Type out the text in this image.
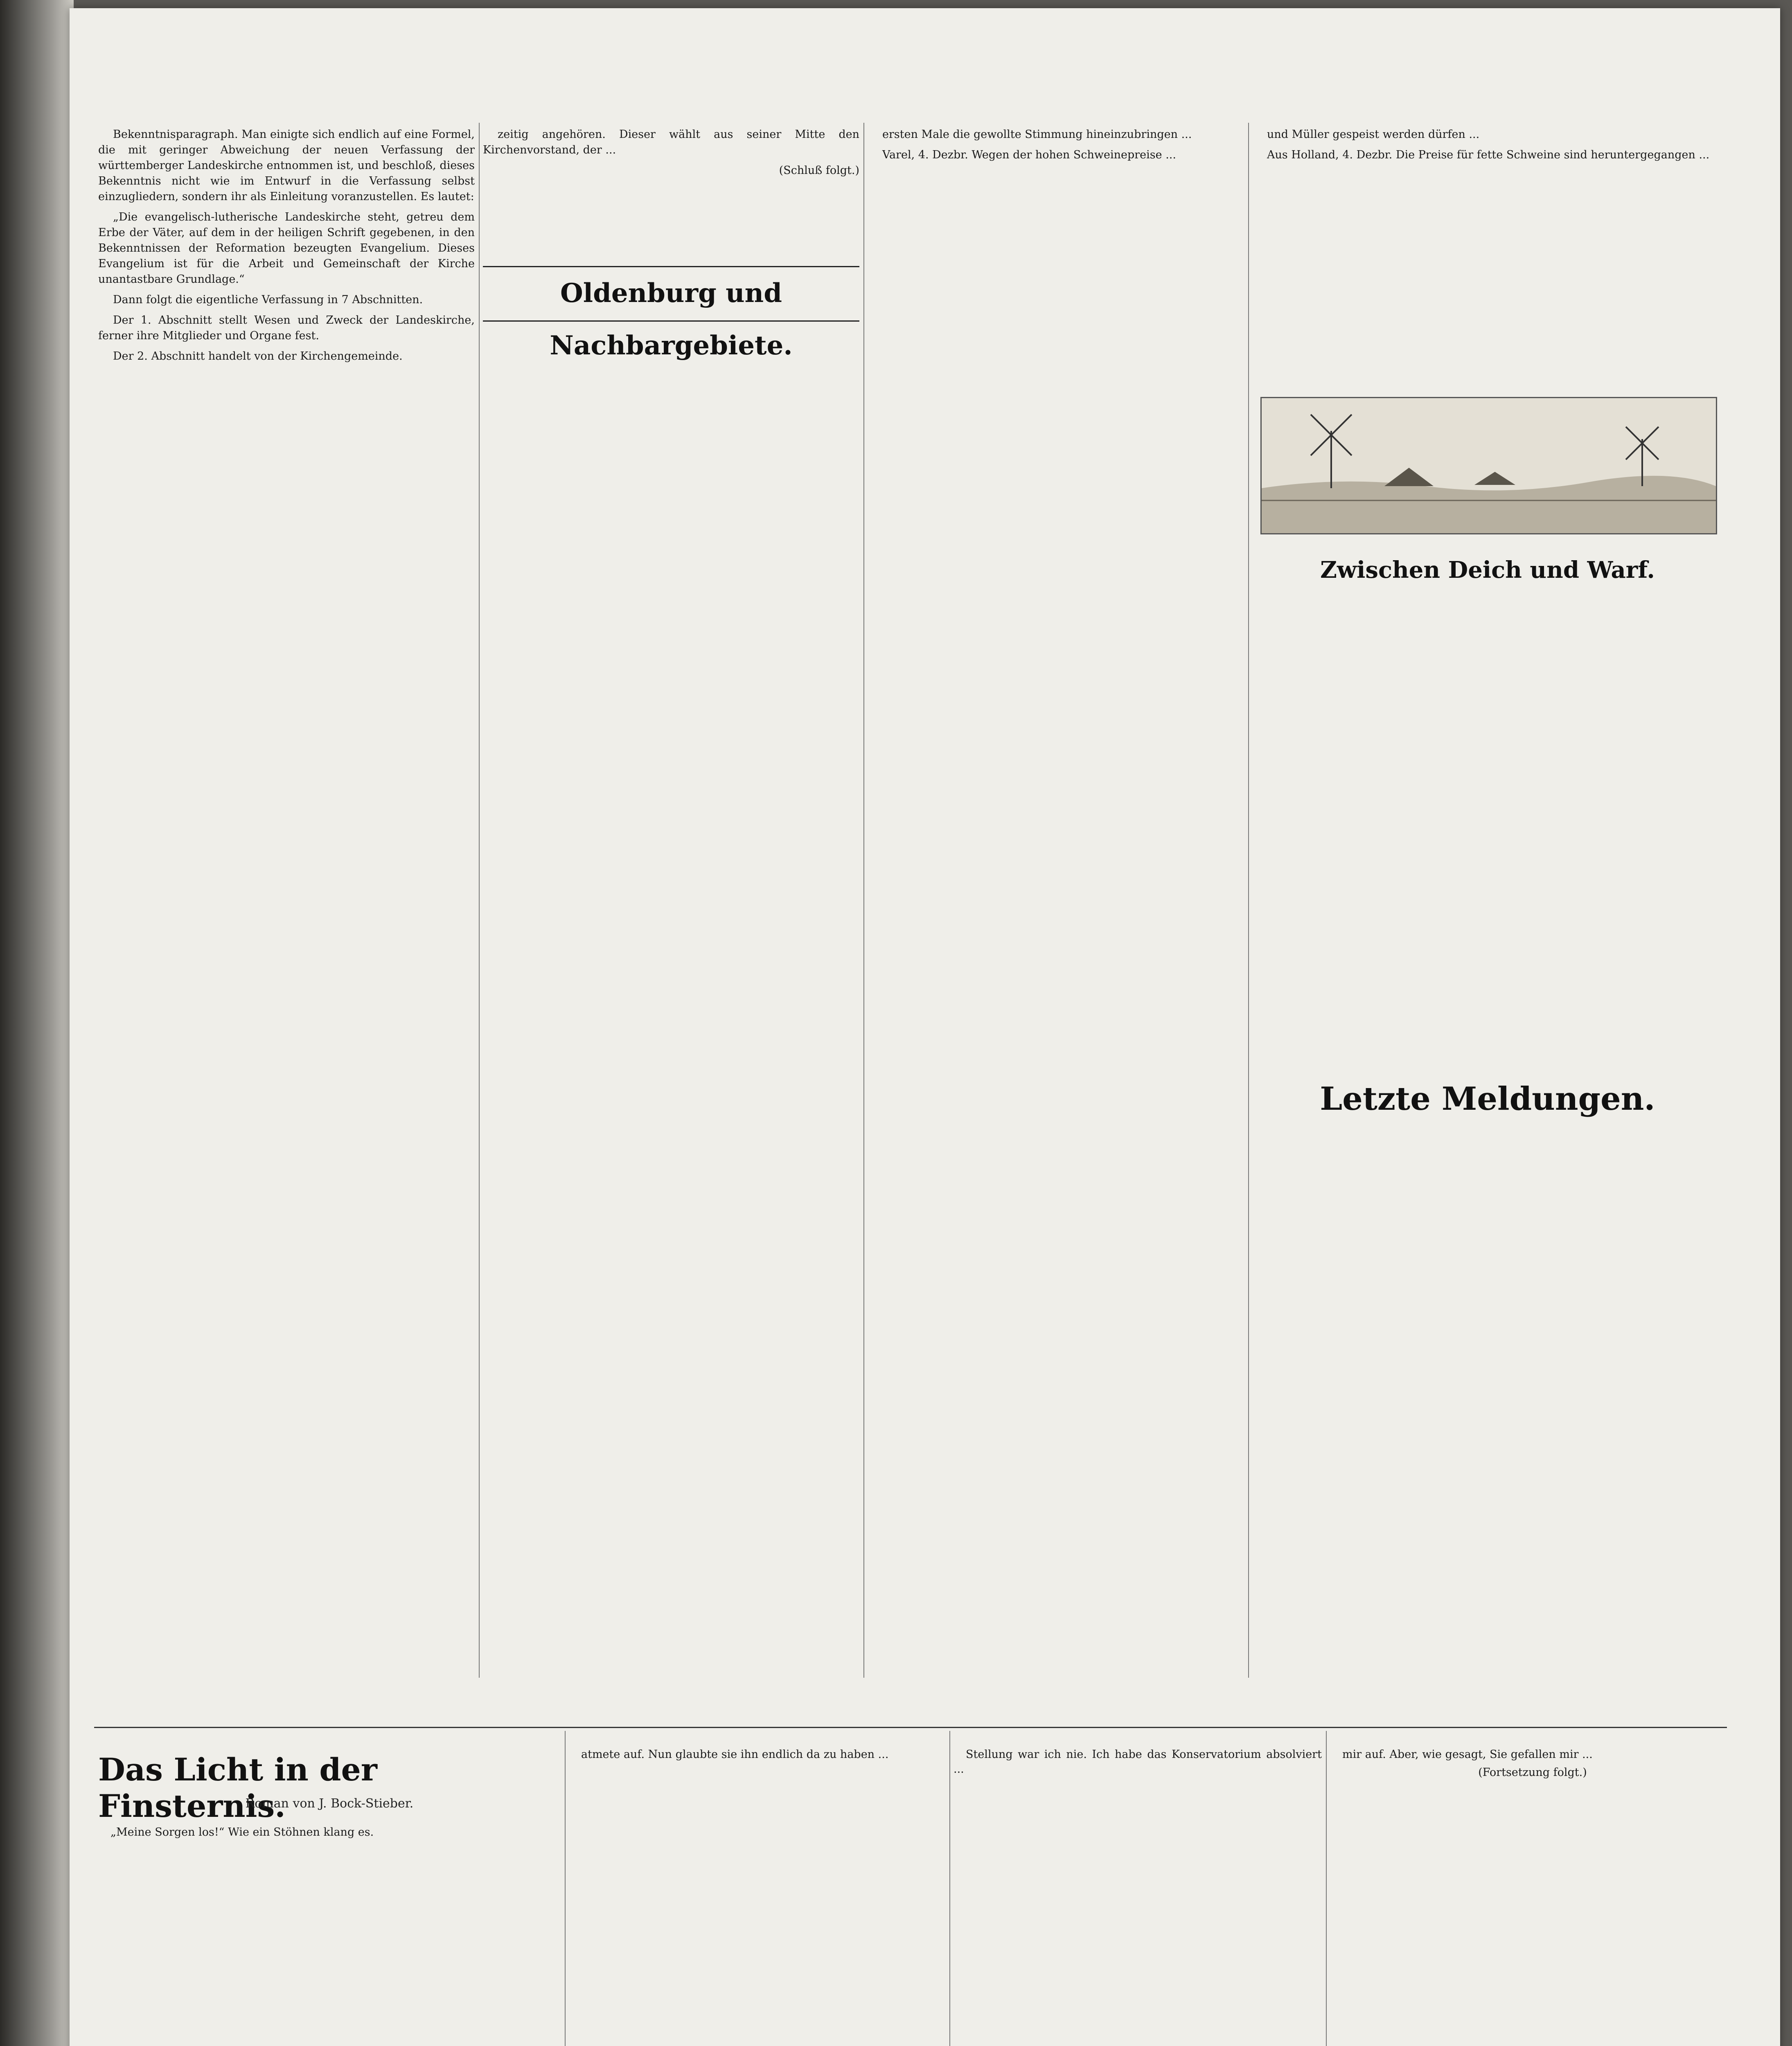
Bekenntnisparagraph. Man einigte sich endlich auf eine Formel, die mit geringer Abweichung der neuen Verfassung der württemberger Landeskirche entnommen ist, und beschloß, dieses Bekenntnis nicht wie im Entwurf in die Verfassung selbst einzugliedern, sondern ihr als Einleitung voranzustellen. Es lautet:

„Die evangelisch-lutherische Landeskirche steht, getreu dem Erbe der Väter, auf dem in der heiligen Schrift gegebenen, in den Bekenntnissen der Reformation bezeugten Evangelium. Dieses Evangelium ist für die Arbeit und Gemeinschaft der Kirche unantastbare Grundlage.“

Dann folgt die eigentliche Verfassung in 7 Abschnitten.

Der 1. Abschnitt stellt Wesen und Zweck der Landeskirche, ferner ihre Mitglieder und Organe fest.

Der 2. Abschnitt handelt von der Kirchengemeinde.

zeitig angehören. Dieser wählt aus seiner Mitte den Kirchenvorstand, der ...

(Schluß folgt.)

Oldenburg und Nachbargebiete.

ersten Male die gewollte Stimmung hineinzubringen ...

Varel, 4. Dezbr. Wegen der hohen Schweinepreise ...

und Müller gespeist werden dürfen ...

Aus Holland, 4. Dezbr. Die Preise für fette Schweine sind heruntergegangen ...

Zwischen Deich und Warf.
Letzte Meldungen.
Das Licht in der Finsternis.
Roman von J. Bock-Stieber.

„Meine Sorgen los!“ Wie ein Stöhnen klang es.

atmete auf. Nun glaubte sie ihn endlich da zu haben ...	Stellung war ich nie. Ich habe das Konservatorium absolviert ...

mir auf. Aber, wie gesagt, Sie gefallen mir ...

(Fortsetzung folgt.)
